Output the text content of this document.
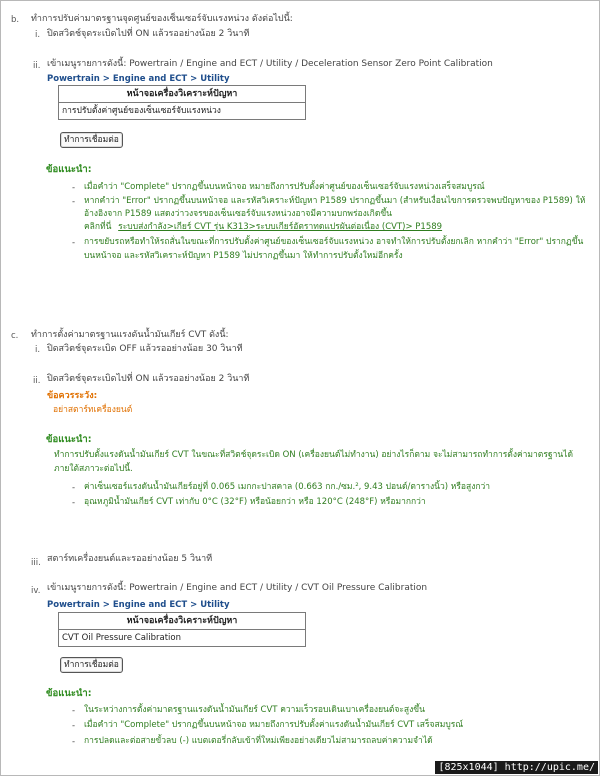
b. ทำการปรับค่ามาตรฐานจุดศูนย์ของเซ็นเซอร์จับแรงหน่วง ดังต่อไปนี้:
i. ปิดสวิตช์จุดระเบิดไปที่ ON แล้วรออย่างน้อย 2 วินาที
ii. เข้าเมนูรายการดังนี้: Powertrain / Engine and ECT / Utility / Deceleration Sensor Zero Point Calibration
Powertrain > Engine and ECT > Utility
หน้าจอเครื่องวิเคราะห์ปัญหา
การปรับตั้งค่าศูนย์ของเซ็นเซอร์จับแรงหน่วง
ทำการเชื่อมต่อ
ข้อแนะนำ:
- เมื่อคำว่า "Complete" ปรากฏขึ้นบนหน้าจอ หมายถึงการปรับตั้งค่าศูนย์ของเซ็นเซอร์จับแรงหน่วงเสร็จสมบูรณ์
- หากคำว่า "Error" ปรากฏขึ้นบนหน้าจอ และรหัสวิเคราะห์ปัญหา P1589 ปรากฏขึ้นมา (สำหรับเงื่อนไขการตรวจพบปัญหาของ P1589) ให้
อ้างอิงจาก P1589 แสดงว่าวงจรของเซ็นเซอร์จับแรงหน่วงอาจมีความบกพร่องเกิดขึ้น
คลิกที่นี่ ระบบส่งกำลัง>เกียร์ CVT รุ่น K313>ระบบเกียร์อัตราทดแปรผันต่อเนื่อง (CVT)> P1589
- การขยับรถหรือทำให้รถสั่นในขณะที่การปรับตั้งค่าศูนย์ของเซ็นเซอร์จับแรงหน่วง อาจทำให้การปรับตั้งยกเลิก หากคำว่า "Error" ปรากฏขึ้น
บนหน้าจอ และรหัสวิเคราะห์ปัญหา P1589 ไม่ปรากฏขึ้นมา ให้ทำการปรับตั้งใหม่อีกครั้ง
c. ทำการตั้งค่ามาตรฐานแรงดันน้ำมันเกียร์ CVT ดังนี้:
i. ปิดสวิตช์จุดระเบิด OFF แล้วรออย่างน้อย 30 วินาที
ii. ปิดสวิตช์จุดระเบิดไปที่ ON แล้วรออย่างน้อย 2 วินาที
ข้อควรระวัง:
อย่าสตาร์ทเครื่องยนต์
ข้อแนะนำ:
ทำการปรับตั้งแรงดันน้ำมันเกียร์ CVT ในขณะที่สวิตช์จุดระเบิด ON (เครื่องยนต์ไม่ทำงาน) อย่างไรก็ตาม จะไม่สามารถทำการตั้งค่ามาตรฐานได้
ภายใต้สภาวะต่อไปนี้.
- ค่าเซ็นเซอร์แรงดันน้ำมันเกียร์อยู่ที่ 0.065 เมกกะปาสคาล (0.663 กก./ซม.², 9.43 ปอนด์/ตารางนิ้ว) หรือสูงกว่า
- อุณหภูมิน้ำมันเกียร์ CVT เท่ากับ 0°C (32°F) หรือน้อยกว่า หรือ 120°C (248°F) หรือมากกว่า
iii. สตาร์ทเครื่องยนต์และรออย่างน้อย 5 วินาที
iv. เข้าเมนูรายการดังนี้: Powertrain / Engine and ECT / Utility / CVT Oil Pressure Calibration
Powertrain > Engine and ECT > Utility
หน้าจอเครื่องวิเคราะห์ปัญหา
CVT Oil Pressure Calibration
ทำการเชื่อมต่อ
ข้อแนะนำ:
- ในระหว่างการตั้งค่ามาตรฐานแรงดันน้ำมันเกียร์ CVT ความเร็วรอบเดินเบาเครื่องยนต์จะสูงขึ้น
- เมื่อคำว่า "Complete" ปรากฏขึ้นบนหน้าจอ หมายถึงการปรับตั้งค่าแรงดันน้ำมันเกียร์ CVT เสร็จสมบูรณ์
- การปลดและต่อสายขั้วลบ (-) แบตเตอรี่กลับเข้าที่ใหม่เพียงอย่างเดียวไม่สามารถลบค่าความจำได้
[825x1044] http://upic.me/
